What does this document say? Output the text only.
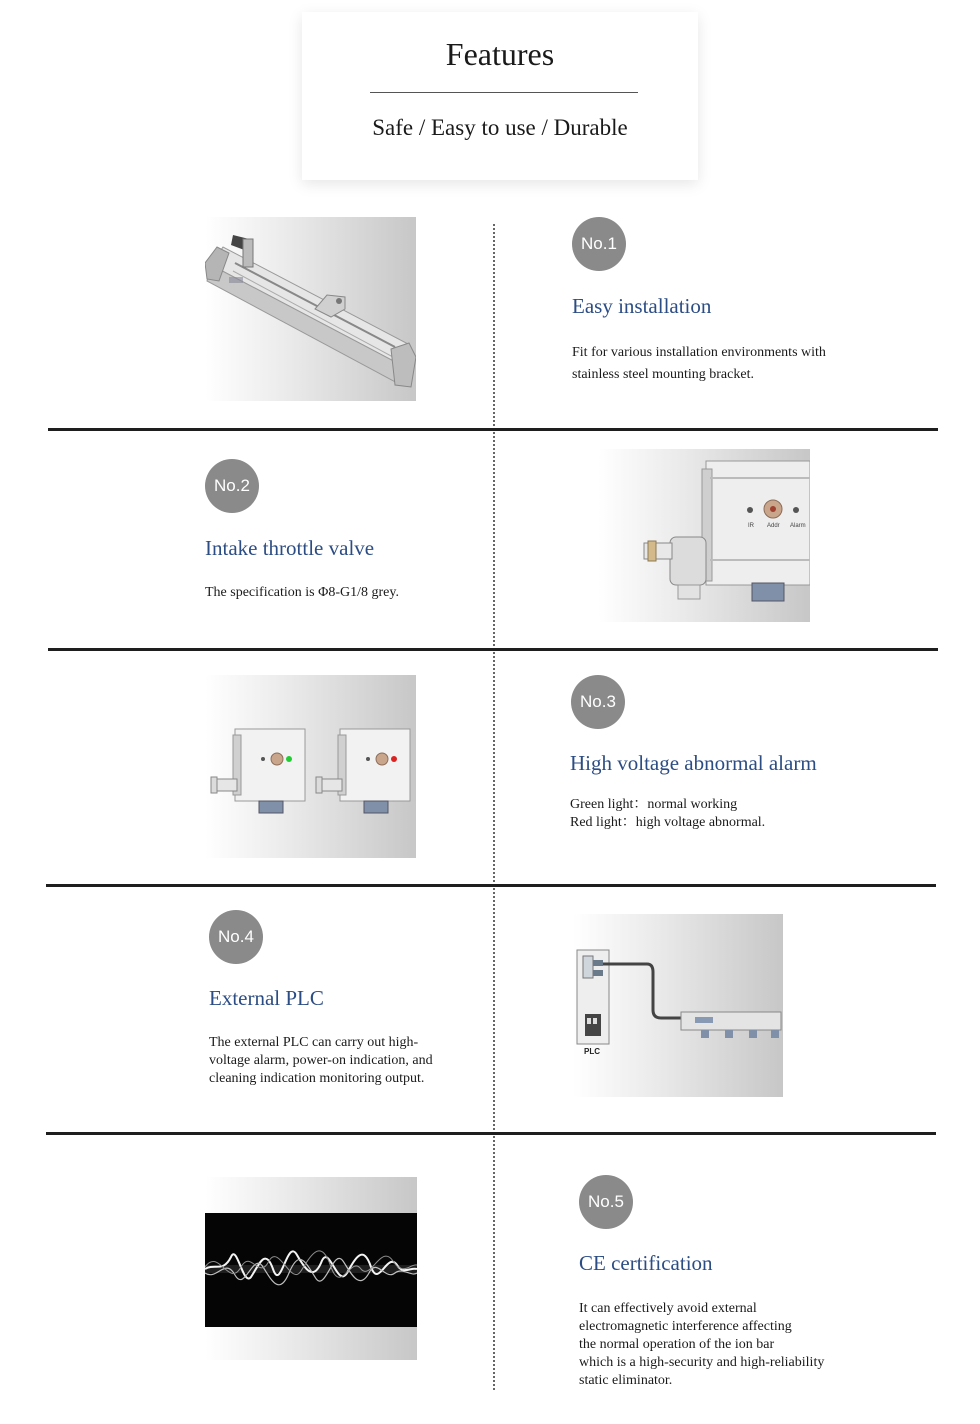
Features
Safe / Easy to use / Durable
No.1
Easy installation
Fit for various installation environments with
stainless steel mounting bracket.
No.2
Intake throttle valve
The specification is Φ8-G1/8 grey.
IR Addr Alarm
No.3
High voltage abnormal alarm
Green light：normal working
Red light：high voltage abnormal.
No.4
External PLC
The external PLC can carry out high-
voltage alarm, power-on indication, and
cleaning indication monitoring output.
PLC
No.5
CE certification
It can effectively avoid external
electromagnetic interference affecting
the normal operation of the ion bar
which is a high-security and high-reliability
static eliminator.
